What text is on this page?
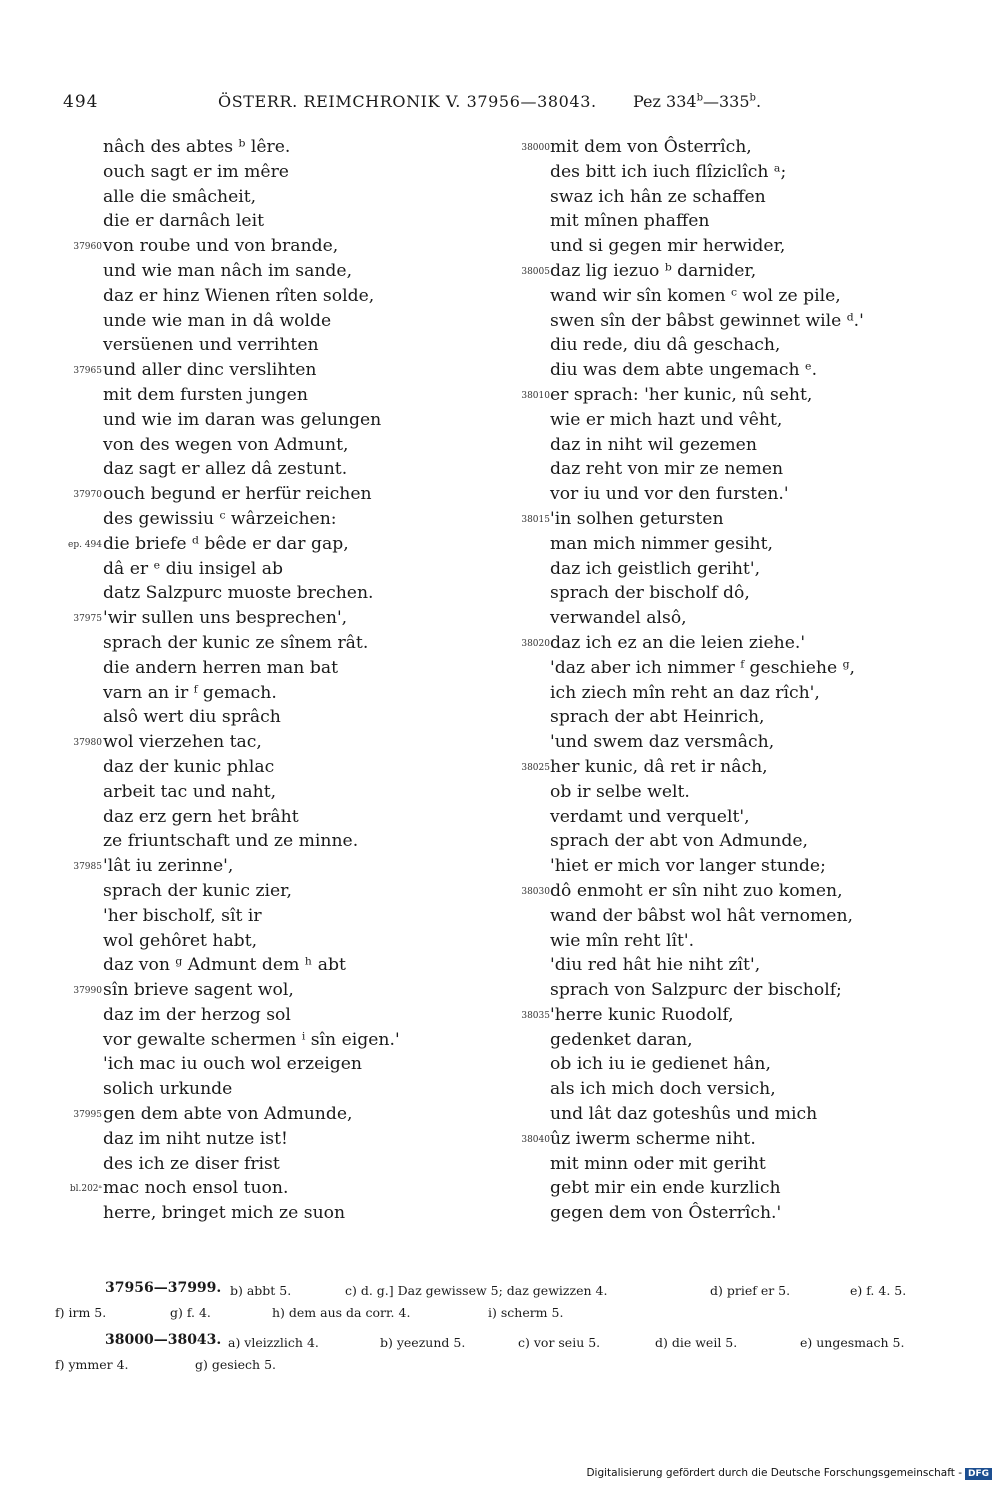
494	ÖSTERR. REIMCHRONIK V. 37956—38043. Pez 334$^b$—335$^b$.
nâch des abtes ᵇ lêre.
ouch sagt er im mêre
alle die smâcheit,
die er darnâch leit
37960 von roube und von brande,
und wie man nâch im sande,
daz er hinz Wienen rîten solde,
unde wie man in dâ wolde
versüenen und verrihten
37965 und aller dinc verslihten
mit dem fursten jungen
und wie im daran was gelungen
von des wegen von Admunt,
daz sagt er allez dâ zestunt.
37970 ouch begund er herfür reichen
des gewissiu ᶜ wârzeichen:
ep. 494 die briefe ᵈ bêde er dar gap,
dâ er ᵉ diu insigel ab
datz Salzpurc muoste brechen.
37975 'wir sullen uns besprechen',
sprach der kunic ze sînem rât.
die andern herren man bat
varn an ir ᶠ gemach.
alsô wert diu sprâch
37980 wol vierzehen tac,
daz der kunic phlac
arbeit tac und naht,
daz erz gern het brâht
ze friuntschaft und ze minne.
37985 'lât iu zerinne',
sprach der kunic zier,
'her bischolf, sît ir
wol gehôret habt,
daz von ᵍ Admunt dem ʰ abt
37990 sîn brieve sagent wol,
daz im der herzog sol
vor gewalte schermen ⁱ sîn eigen.'
'ich mac iu ouch wol erzeigen
solich urkunde
37995 gen dem abte von Admunde,
daz im niht nutze ist!
des ich ze diser frist
bl.202ᵃ mac noch ensol tuon.
herre, bringet mich ze suon
38000 mit dem von Ôsterrîch,
des bitt ich iuch flîziclîch ᵃ;
swaz ich hân ze schaffen
mit mînen phaffen
und si gegen mir herwider,
38005 daz lig iezuo ᵇ darnider,
wand wir sîn komen ᶜ wol ze pile,
swen sîn der bâbst gewinnet wile ᵈ.'
diu rede, diu dâ geschach,
diu was dem abte ungemach ᵉ.
38010 er sprach: 'her kunic, nû seht,
wie er mich hazt und vêht,
daz in niht wil gezemen
daz reht von mir ze nemen
vor iu und vor den fursten.'
38015 'in solhen getursten
man mich nimmer gesiht,
daz ich geistlich geriht',
sprach der bischolf dô,
verwandel alsô,
38020 daz ich ez an die leien ziehe.'
'daz aber ich nimmer ᶠ geschiehe ᵍ,
ich ziech mîn reht an daz rîch',
sprach der abt Heinrich,
'und swem daz versmâch,
38025 her kunic, dâ ret ir nâch,
ob ir selbe welt.
verdamt und verquelt',
sprach der abt von Admunde,
'hiet er mich vor langer stunde;
38030 dô enmoht er sîn niht zuo komen,
wand der bâbst wol hât vernomen,
wie mîn reht lît'.
'diu red hât hie niht zît',
sprach von Salzpurc der bischolf;
38035 'herre kunic Ruodolf,
gedenket daran,
ob ich iu ie gedienet hân,
als ich mich doch versich,
und lât daz goteshûs und mich
38040 ûz iwerm scherme niht.
mit minn oder mit geriht
gebt mir ein ende kurzlich
gegen dem von Ôsterrîch.'
37956—37999. b) abbt 5.	c) d. g.] Daz gewissew 5; daz gewizzen 4.	d) prief er 5.	e) f. 4. 5.
f) irm 5.	g) f. 4.	h) dem aus da corr. 4.	i) scherm 5.
38000—38043. a) vleizzlich 4.	b) yeezund 5.	c) vor seiu 5.	d) die weil 5.	e) ungesmach 5.
f) ymmer 4.	g) gesiech 5.
Digitalisierung gefördert durch die Deutsche Forschungsgemeinschaft - DFG
